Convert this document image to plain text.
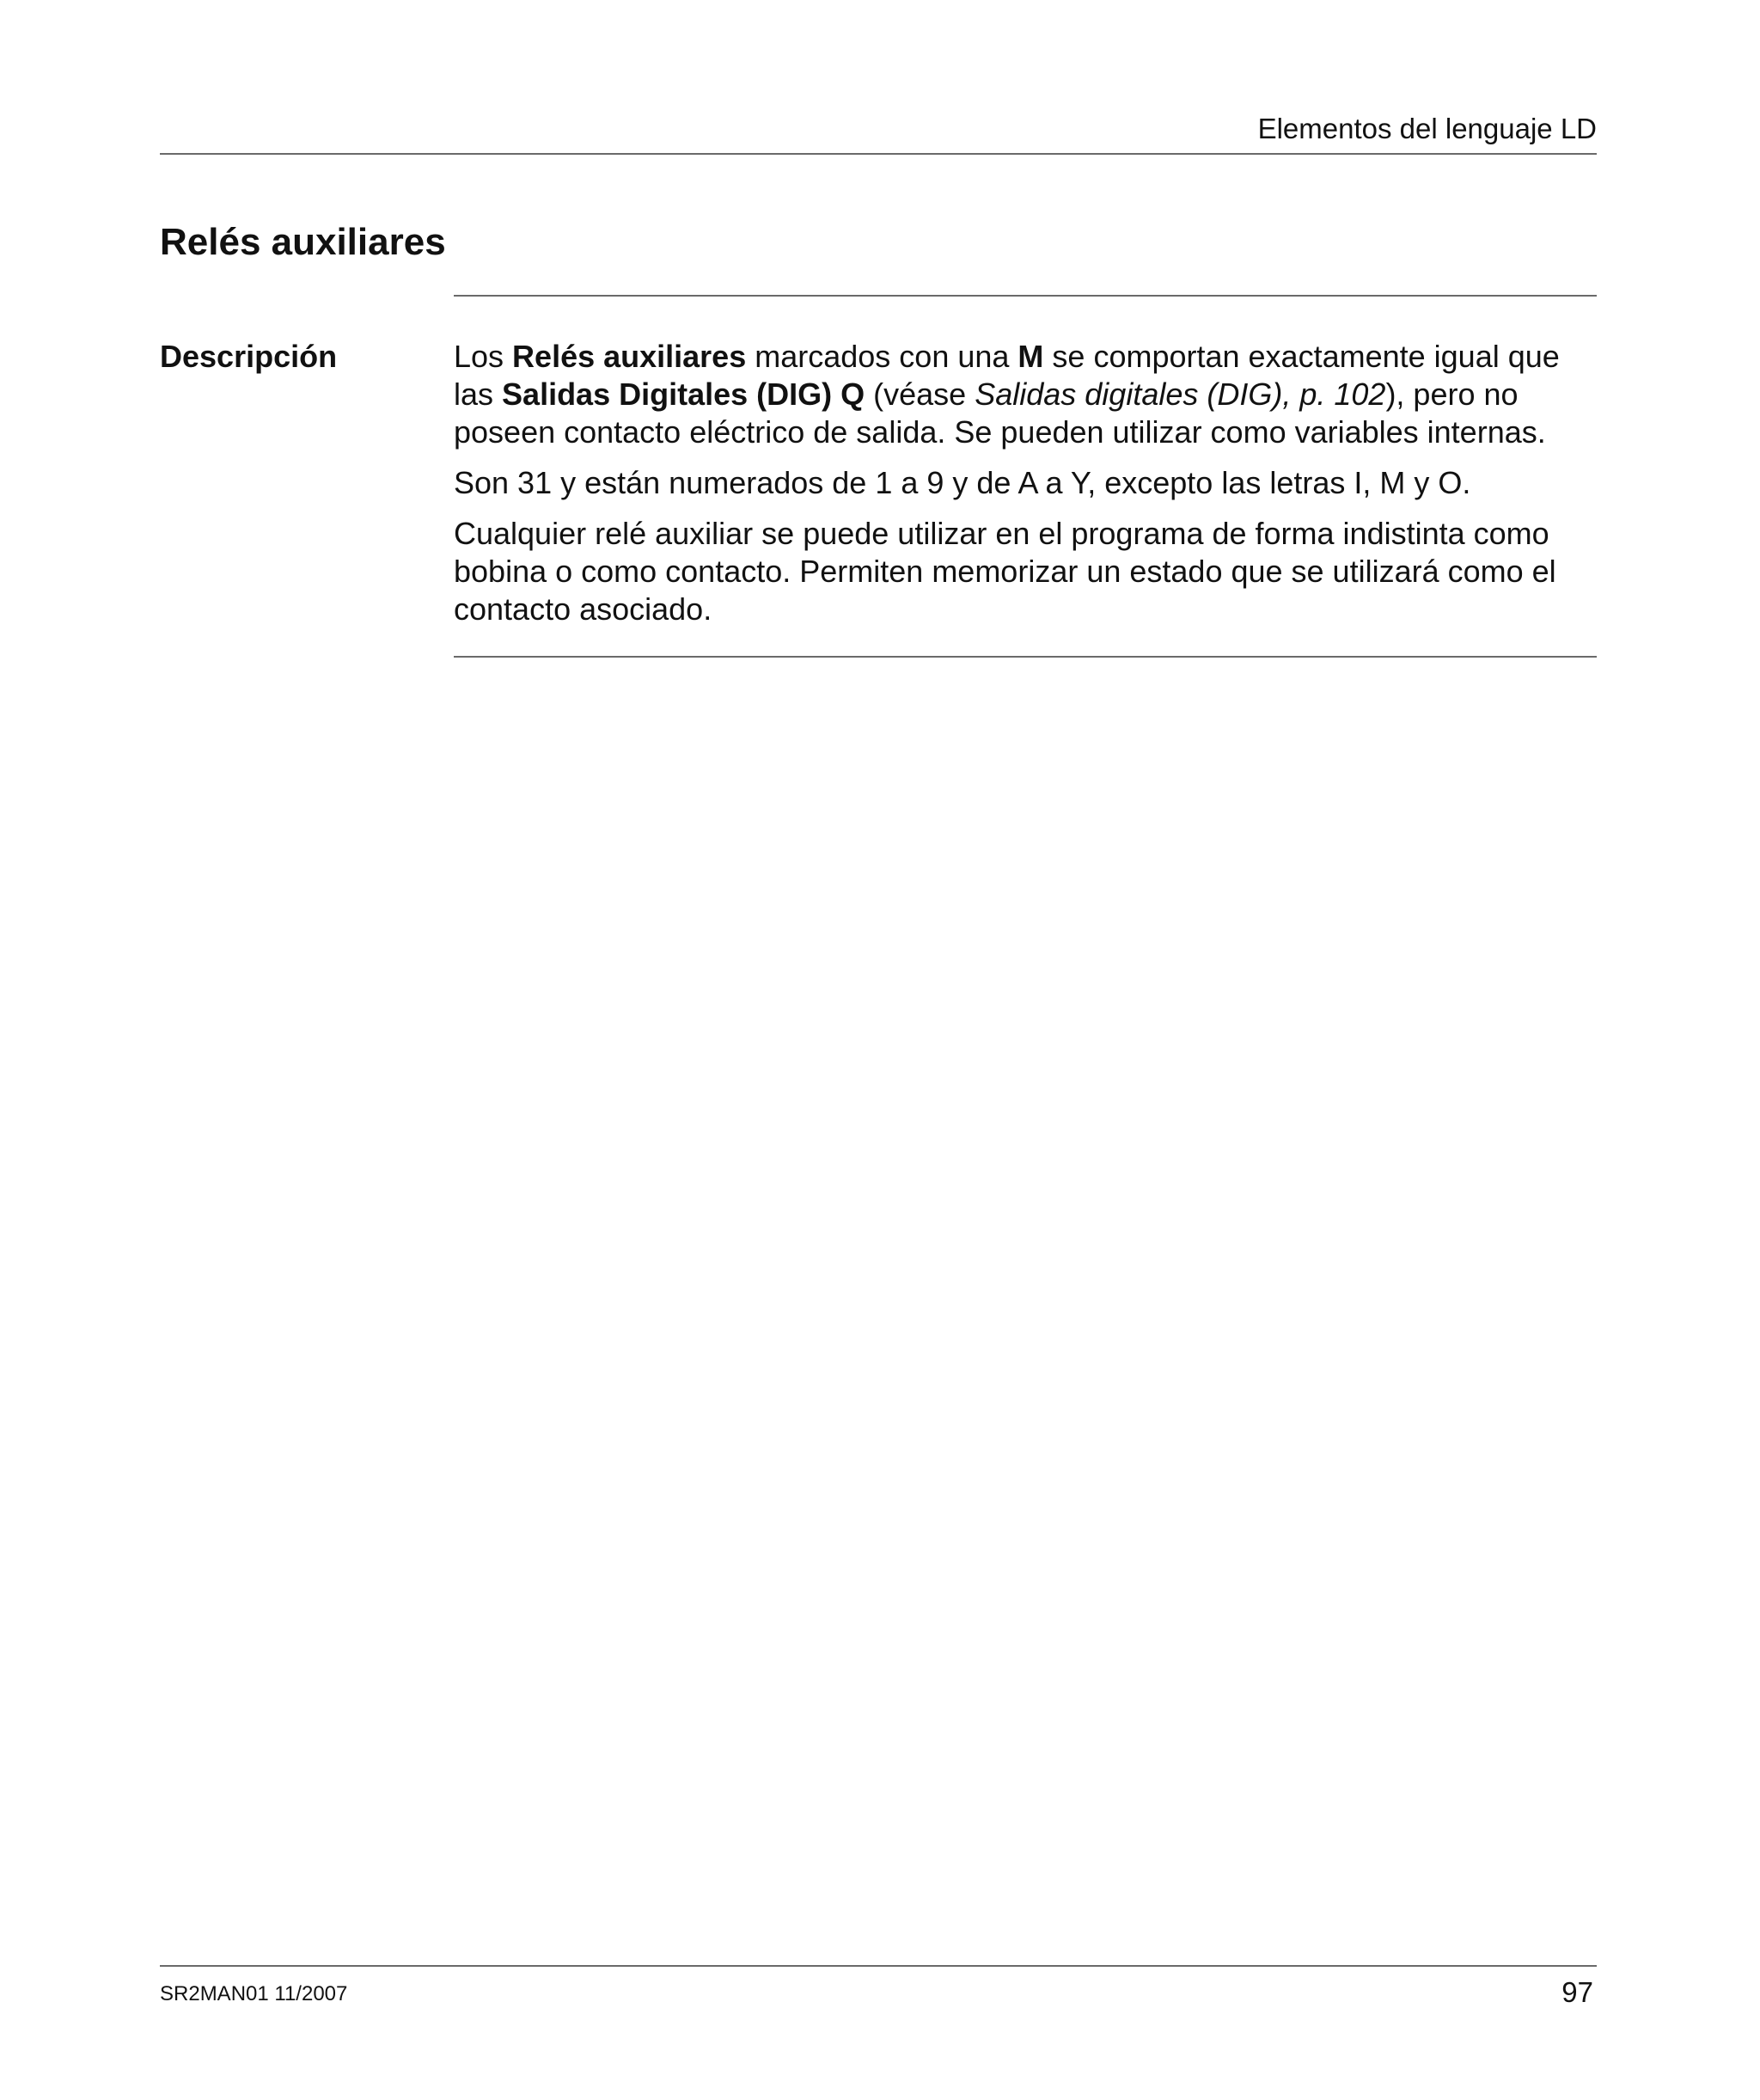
Elementos del lenguaje LD
Relés auxiliares
Descripción	Los Relés auxiliares marcados con una M se comportan exactamente igual que las Salidas Digitales (DIG) Q (véase Salidas digitales (DIG), p. 102), pero no poseen contacto eléctrico de salida. Se pueden utilizar como variables internas.

Son 31 y están numerados de 1 a 9 y de A a Y, excepto las letras I, M y O.

Cualquier relé auxiliar se puede utilizar en el programa de forma indistinta como bobina o como contacto. Permiten memorizar un estado que se utilizará como el contacto asociado.

SR2MAN01 11/2007	97
